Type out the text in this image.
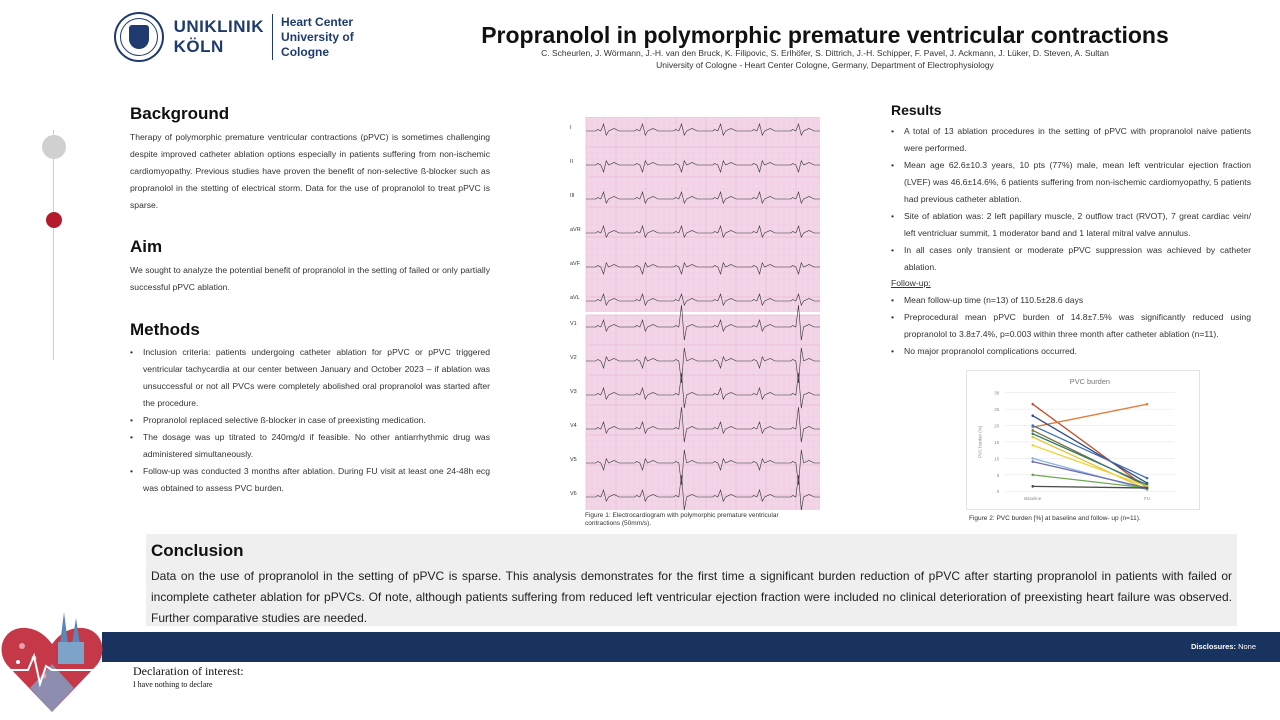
UNIKLINIK
KÖLN
Heart Center
University of Cologne
Propranolol in polymorphic premature ventricular contractions
C. Scheurlen, J. Wörmann, J.-H. van den Bruck, K. Filipovic, S. Erlhöfer, S. Dittrich, J.-H. Schipper, F. Pavel, J. Ackmann, J. Lüker, D. Steven, A. Sultan
University of Cologne - Heart Center Cologne, Germany, Department of Electrophysiology
Background
Therapy of polymorphic premature ventricular contractions (pPVC) is sometimes challenging despite improved catheter ablation options especially in patients suffering from non-ischemic cardiomyopathy. Previous studies have proven the benefit of non-selective ß-blocker such as propranolol in the stetting of electrical storm. Data for the use of propranolol to treat pPVC is sparse.
Aim
We sought to analyze the potential benefit of propranolol in the setting of failed or only partially successful pPVC ablation.
Methods
• Inclusion criteria: patients undergoing catheter ablation for pPVC or pPVC triggered ventricular tachycardia at our center between January and October 2023 – if ablation was unsuccessful or not all PVCs were completely abolished oral propranolol was started after the procedure.
• Propranolol replaced selective ß-blocker in case of preexisting medication.
• The dosage was up titrated to 240mg/d if feasible. No other antiarrhythmic drug was administered simultaneously.
• Follow-up was conducted 3 months after ablation. During FU visit at least one 24-48h ecg was obtained to assess PVC burden.
I
II
III
aVR
aVF
aVL
V1
V2
V3
V4
V5
V6
Figure 1: Electrocardiogram with polymorphic premature ventricular contractions (50mm/s).
Results
• A total of 13 ablation procedures in the setting of pPVC with propranolol naive patients were performed.
• Mean age 62.6±10.3 years, 10 pts (77%) male, mean left ventricular ejection fraction (LVEF) was 46.6±14.6%, 6 patients suffering from non-ischemic cardiomyopathy, 5 patients had previous catheter ablation.
• Site of ablation was: 2 left papillary muscle, 2 outflow tract (RVOT), 7 great cardiac vein/ left ventricluar summit, 1 moderator band and 1 lateral mitral valve annulus.
• In all cases only transient or moderate pPVC suppression was achieved by catheter ablation.
Follow-up:
• Mean follow-up time (n=13) of 110.5±28.6 days
• Preprocedural mean pPVC burden of 14.8±7.5% was significantly reduced using propranolol to 3.8±7.4%, p=0.003 within three month after catheter ablation (n=11).
• No major propranolol complications occurred.
PVC burden
0
5
10
15
20
25
30
PVC burden (%)
Baseline	FU
Figure 2: PVC burden [%] at baseline and follow- up (n=11).
Conclusion
Data on the use of propranolol in the setting of pPVC is sparse. This analysis demonstrates for the first time a significant burden reduction of pPVC after starting propranolol in patients with failed or incomplete catheter ablation for pPVCs. Of note, although patients suffering from reduced left ventricular ejection fraction were included no clinical deterioration of preexisting heart failure was observed. Further comparative studies are needed.
Disclosures: None
Declaration of interest:
I have nothing to declare
